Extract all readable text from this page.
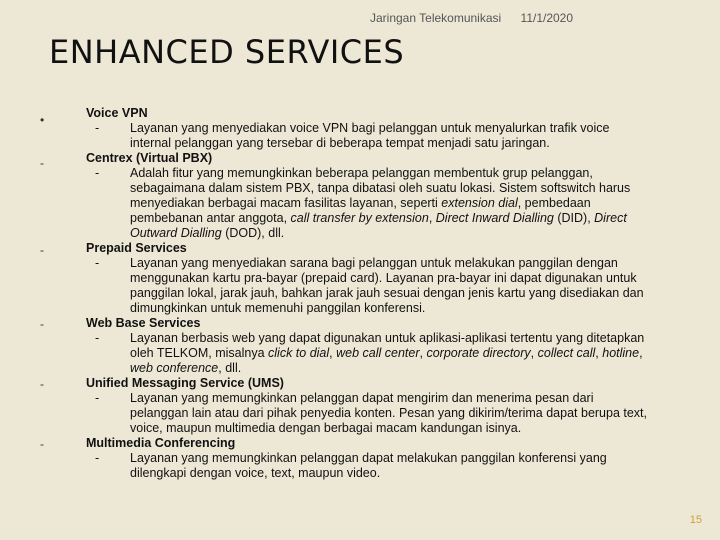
Jaringan Telekomunikasi 11/1/2020
ENHANCED SERVICES
•
-
-
-
-
-
Voice VPN
- Layanan yang menyediakan voice VPN bagi pelanggan untuk menyalurkan trafik voice internal pelanggan yang tersebar di beberapa tempat menjadi satu jaringan.
Centrex (Virtual PBX)
- Adalah fitur yang memungkinkan beberapa pelanggan membentuk grup pelanggan, sebagaimana dalam sistem PBX, tanpa dibatasi oleh suatu lokasi. Sistem softswitch harus menyediakan berbagai macam fasilitas layanan, seperti extension dial, pembedaan pembebanan antar anggota, call transfer by extension, Direct Inward Dialling (DID), Direct Outward Dialling (DOD), dll.
Prepaid Services
- Layanan yang menyediakan sarana bagi pelanggan untuk melakukan panggilan dengan menggunakan kartu pra-bayar (prepaid card). Layanan pra-bayar ini dapat digunakan untuk panggilan lokal, jarak jauh, bahkan jarak jauh sesuai dengan jenis kartu yang disediakan dan dimungkinkan untuk memenuhi panggilan konferensi.
Web Base Services
- Layanan berbasis web yang dapat digunakan untuk aplikasi-aplikasi tertentu yang ditetapkan oleh TELKOM, misalnya click to dial, web call center, corporate directory, collect call, hotline, web conference, dll.
Unified Messaging Service (UMS)
- Layanan yang memungkinkan pelanggan dapat mengirim dan menerima pesan dari pelanggan lain atau dari pihak penyedia konten. Pesan yang dikirim/terima dapat berupa text, voice, maupun multimedia dengan berbagai macam kandungan isinya.
Multimedia Conferencing
- Layanan yang memungkinkan pelanggan dapat melakukan panggilan konferensi yang dilengkapi dengan voice, text, maupun video.
15
